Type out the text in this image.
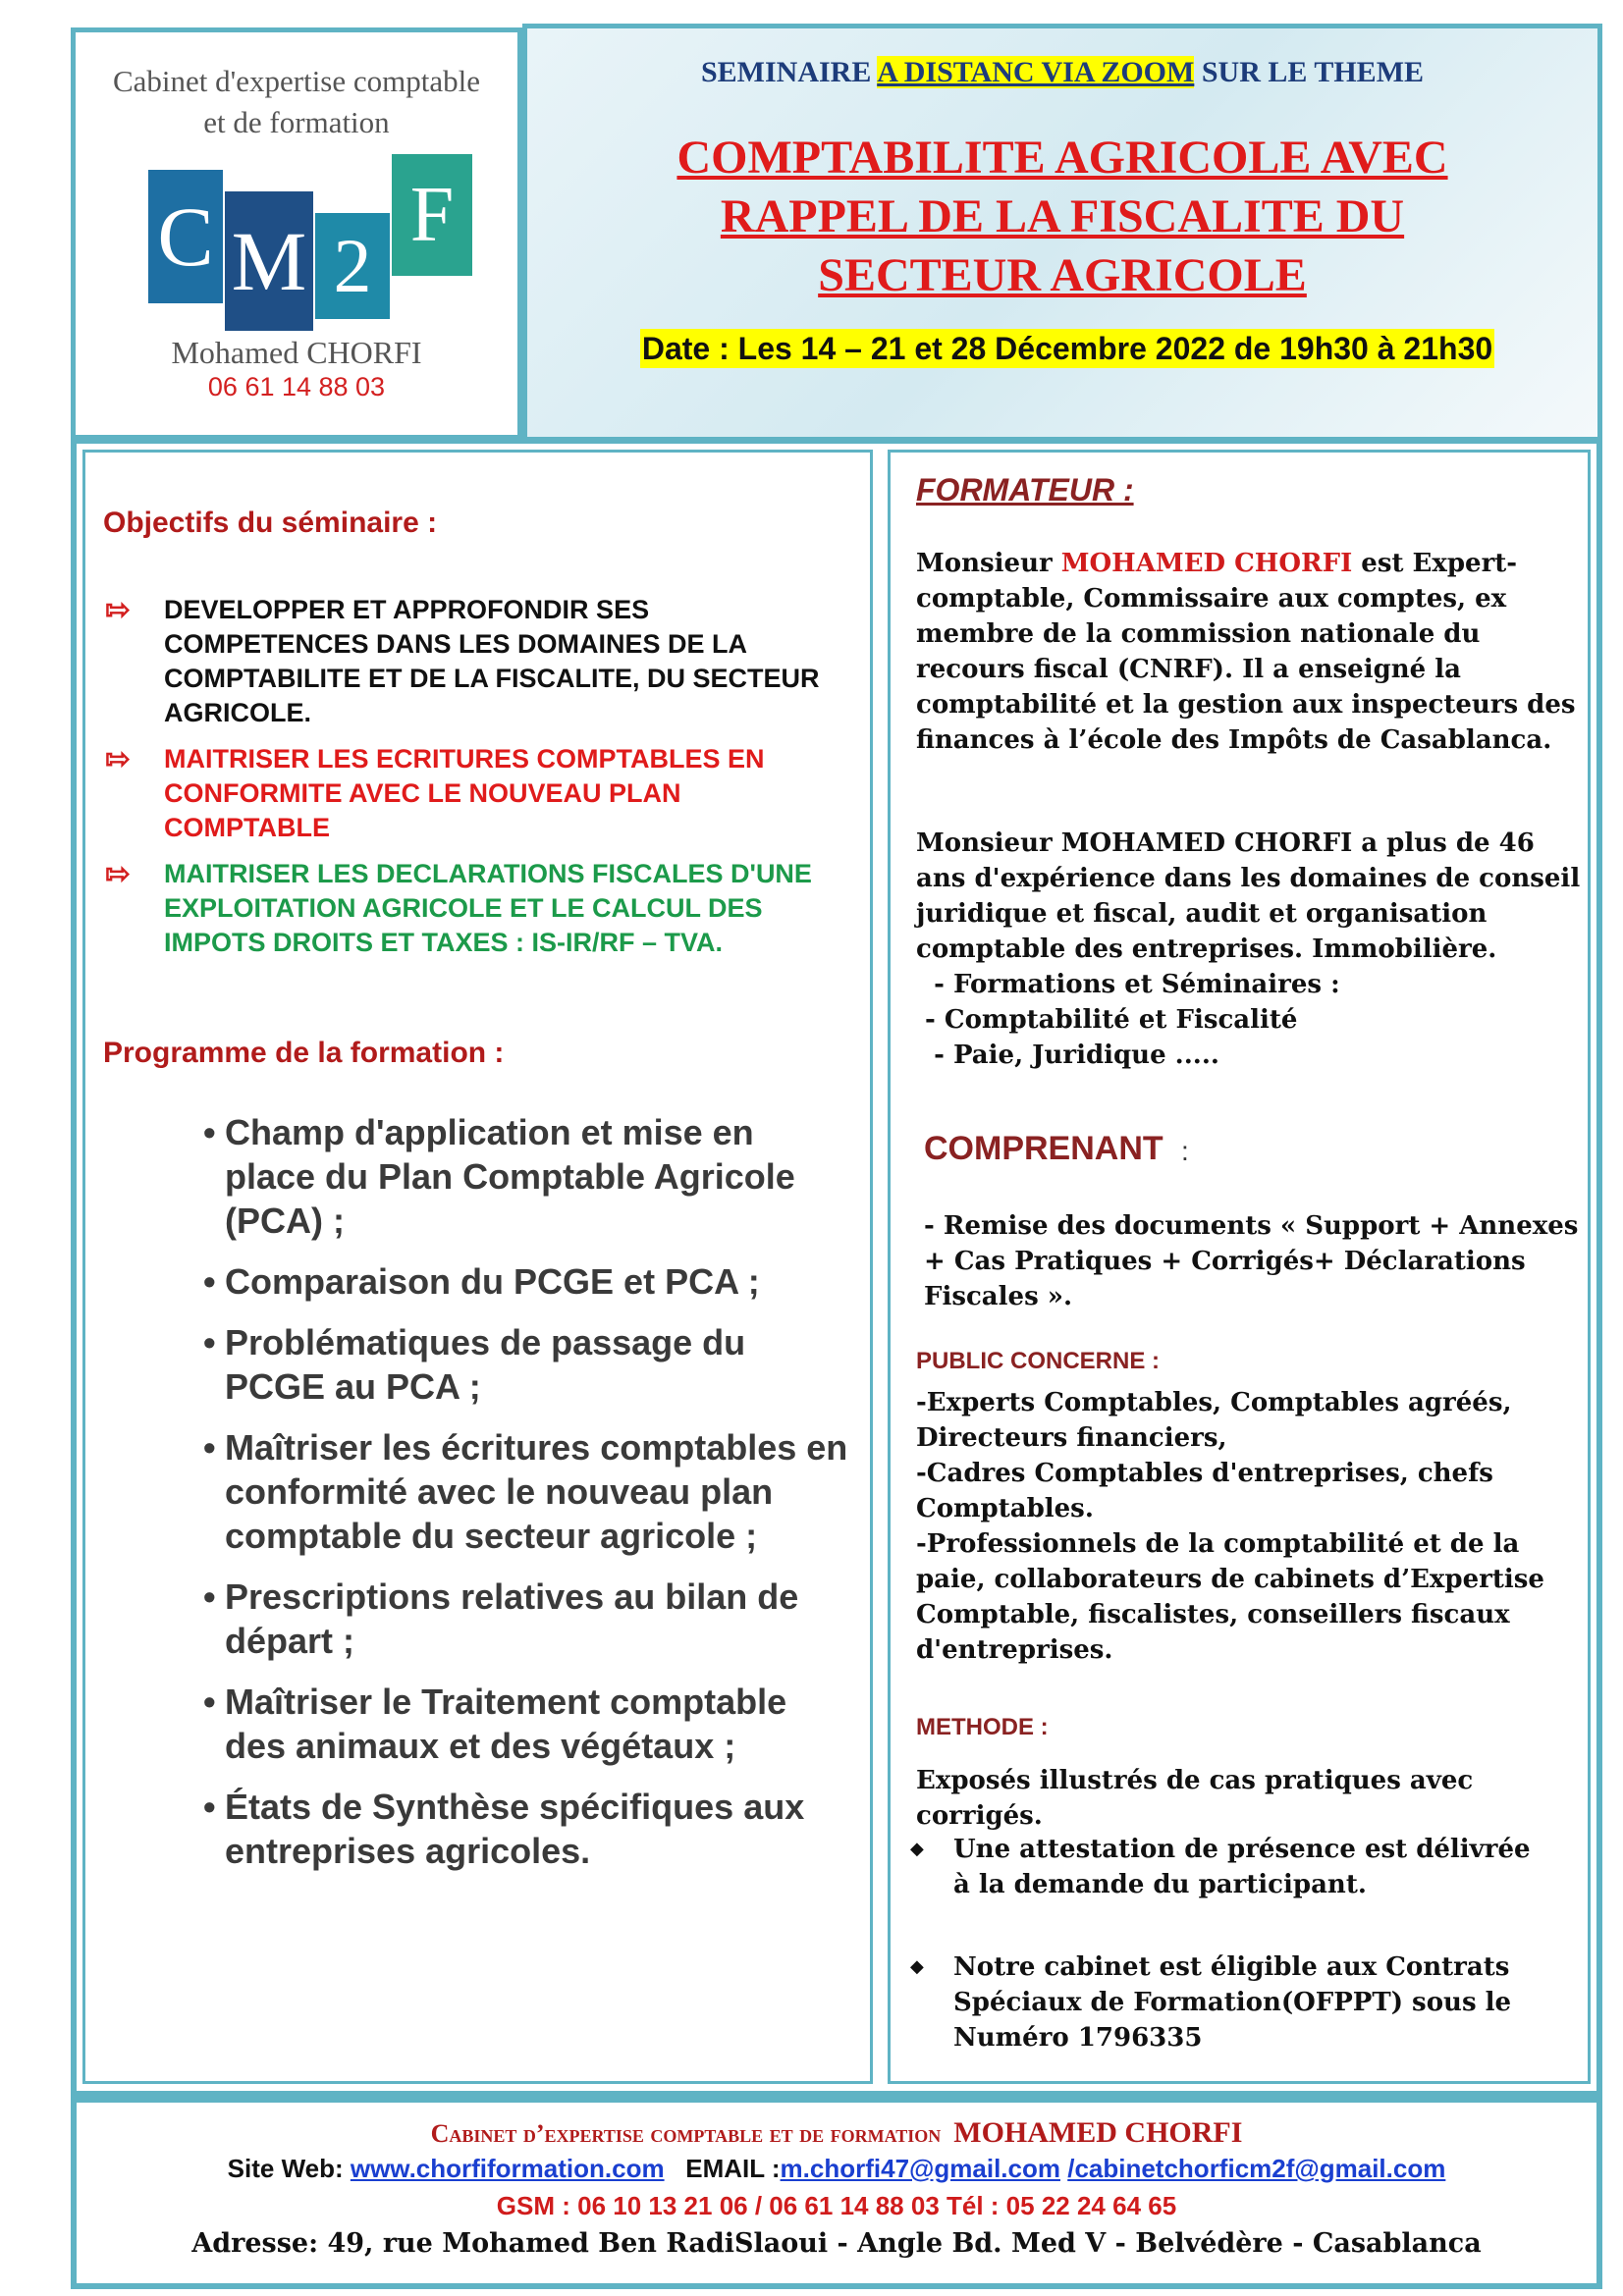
Cabinet d'expertise comptable
et de formation
C M 2
F
Mohamed CHORFI
06 61 14 88 03
SEMINAIRE A DISTANC VIA ZOOM SUR LE THEME
COMPTABILITE AGRICOLE AVEC
RAPPEL DE LA FISCALITE DU
SECTEUR AGRICOLE
Date : Les 14 – 21 et 28 Décembre 2022 de 19h30 à 21h30
Objectifs du séminaire :
⇰ DEVELOPPER ET APPROFONDIR SES COMPETENCES DANS LES DOMAINES DE LA COMPTABILITE ET DE LA FISCALITE, DU SECTEUR AGRICOLE.
⇰ MAITRISER LES ECRITURES COMPTABLES EN CONFORMITE AVEC LE NOUVEAU PLAN COMPTABLE
⇰ MAITRISER LES DECLARATIONS FISCALES D'UNE EXPLOITATION AGRICOLE ET LE CALCUL DES IMPOTS DROITS ET TAXES : IS-IR/RF – TVA.
Programme de la formation :
• Champ d'application et mise en place du Plan Comptable Agricole (PCA) ;
• Comparaison du PCGE et PCA ;
• Problématiques de passage du PCGE au PCA ;
• Maîtriser les écritures comptables en conformité avec le nouveau plan comptable du secteur agricole ;
• Prescriptions relatives au bilan de départ ;
• Maîtriser le Traitement comptable des animaux et des végétaux ;
• États de Synthèse spécifiques aux entreprises agricoles.
FORMATEUR :
Monsieur MOHAMED CHORFI est Expert-comptable, Commissaire aux comptes, ex membre de la commission nationale du recours fiscal (CNRF). Il a enseigné la comptabilité et la gestion aux inspecteurs des finances à l’école des Impôts de Casablanca.
Monsieur MOHAMED CHORFI a plus de 46 ans d'expérience dans les domaines de conseil juridique et fiscal, audit et organisation comptable des entreprises. Immobilière.
- Formations et Séminaires :
- Comptabilité et Fiscalité
- Paie, Juridique .....
COMPRENANT :
- Remise des documents « Support + Annexes + Cas Pratiques + Corrigés+ Déclarations Fiscales ».
PUBLIC CONCERNE :
-Experts Comptables, Comptables agréés, Directeurs financiers,
-Cadres Comptables d'entreprises, chefs Comptables.
-Professionnels de la comptabilité et de la paie, collaborateurs de cabinets d’Expertise Comptable, fiscalistes, conseillers fiscaux d'entreprises.
METHODE :
Exposés illustrés de cas pratiques avec corrigés.
◆ Une attestation de présence est délivrée à la demande du participant.
◆ Notre cabinet est éligible aux Contrats Spéciaux de Formation(OFPPT) sous le Numéro 1796335
Cabinet d’expertise comptable et de formation MOHAMED CHORFI
Site Web: www.chorfiformation.com   EMAIL :m.chorfi47@gmail.com /cabinetchorficm2f@gmail.com
GSM : 06 10 13 21 06 / 06 61 14 88 03 Tél : 05 22 24 64 65
Adresse: 49, rue Mohamed Ben RadiSlaoui - Angle Bd. Med V - Belvédère - Casablanca
